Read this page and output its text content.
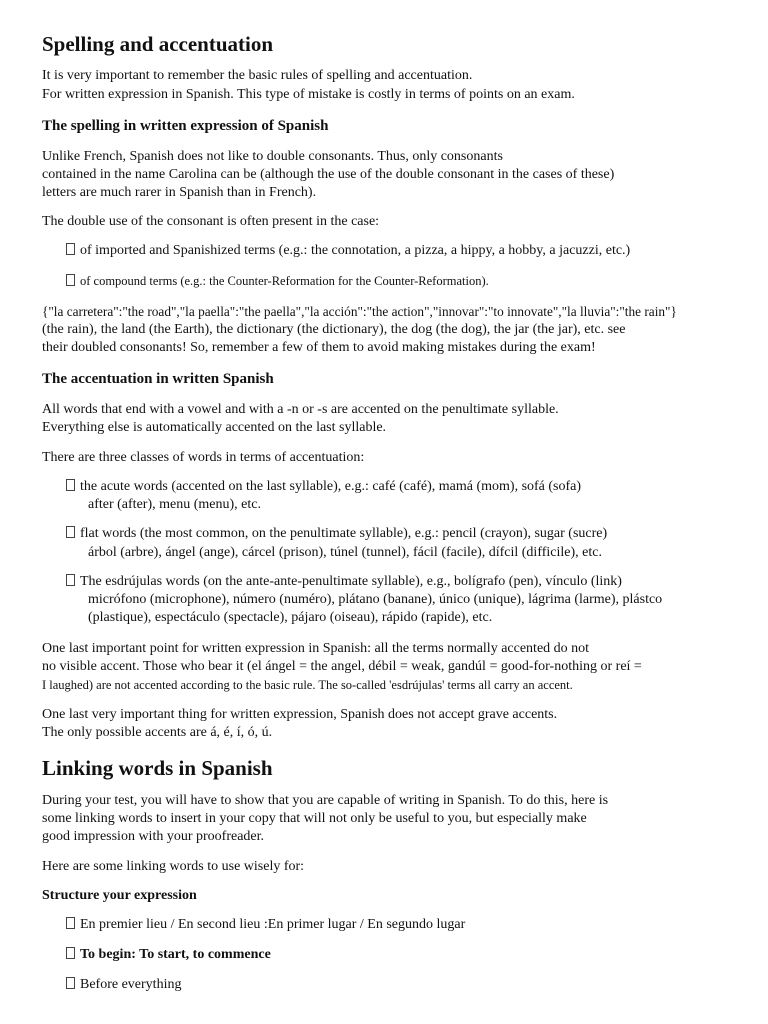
Spelling and accentuation
It is very important to remember the basic rules of spelling and accentuation.
For written expression in Spanish. This type of mistake is costly in terms of points on an exam.
The spelling in written expression of Spanish
Unlike French, Spanish does not like to double consonants. Thus, only consonants
contained in the name Carolina can be (although the use of the double consonant in the cases of these)
letters are much rarer in Spanish than in French).
The double use of the consonant is often present in the case:
of imported and Spanishized terms (e.g.: the connotation, a pizza, a hippy, a hobby, a jacuzzi, etc.)
of compound terms (e.g.: the Counter-Reformation for the Counter-Reformation).
{"la carretera":"the road","la paella":"the paella","la acción":"the action","innovar":"to innovate","la lluvia":"the rain"}
(the rain), the land (the Earth), the dictionary (the dictionary), the dog (the dog), the jar (the jar), etc. see
their doubled consonants! So, remember a few of them to avoid making mistakes during the exam!
The accentuation in written Spanish
All words that end with a vowel and with a -n or -s are accented on the penultimate syllable.
Everything else is automatically accented on the last syllable.
There are three classes of words in terms of accentuation:
the acute words (accented on the last syllable), e.g.: café (café), mamá (mom), sofá (sofa)
after (after), menu (menu), etc.
flat words (the most common, on the penultimate syllable), e.g.: pencil (crayon), sugar (sucre)
árbol (arbre), ángel (ange), cárcel (prison), túnel (tunnel), fácil (facile), dífcil (difficile), etc.
The esdrújulas words (on the ante-ante-penultimate syllable), e.g., bolígrafo (pen), vínculo (link)
micrófono (microphone), número (numéro), plátano (banane), único (unique), lágrima (larme), plástco
(plastique), espectáculo (spectacle), pájaro (oiseau), rápido (rapide), etc.
One last important point for written expression in Spanish: all the terms normally accented do not
no visible accent. Those who bear it (el ángel = the angel, débil = weak, gandúl = good-for-nothing or reí =
I laughed) are not accented according to the basic rule. The so-called 'esdrújulas' terms all carry an accent.
One last very important thing for written expression, Spanish does not accept grave accents.
The only possible accents are á, é, í, ó, ú.
Linking words in Spanish
During your test, you will have to show that you are capable of writing in Spanish. To do this, here is
some linking words to insert in your copy that will not only be useful to you, but especially make
good impression with your proofreader.
Here are some linking words to use wisely for:
Structure your expression
En premier lieu / En second lieu :En primer lugar / En segundo lugar
To begin: To start, to commence
Before everything
